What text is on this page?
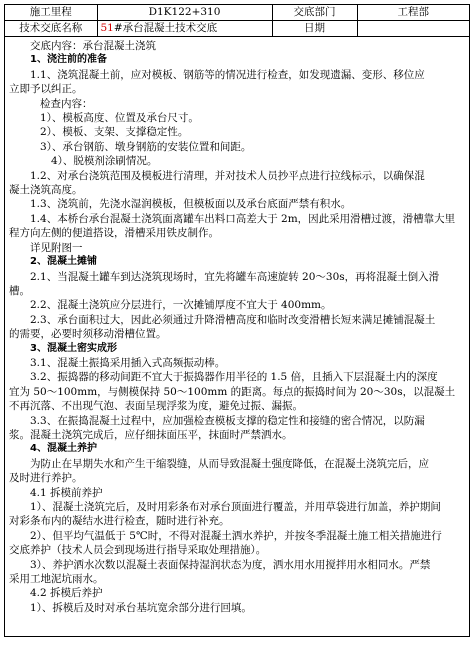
施工里程	D1K122+310	交底部门	工程部
技术交底名称	51#承台混凝土技术交底	日期	

交底内容：承台混凝土浇筑

1、浇注前的准备

1.1、浇筑混凝土前，应对模板、钢筋等的情况进行检查，如发现遗漏、变形、移位应

立即予以纠正。

检查内容：

1）、模板高度、位置及承台尺寸。

2）、模板、支架、支撑稳定性。

3）、承台钢筋、墩身钢筋的安装位置和间距。

4）、脱模剂涂刷情况。

1.2、对承台浇筑范围及模板进行清理，并对技术人员抄平点进行拉线标示，以确保混

凝土浇筑高度。

1.3、浇筑前，先浇水湿润模板，但模板面以及承台底面严禁有积水。

1.4、本桥台承台混凝土浇筑面离罐车出料口高差大于 2m，因此采用滑槽过渡，滑槽靠大里

程方向左侧的便道搭设，滑槽采用铁皮制作。

详见附图一

2、混凝土摊铺

2.1、当混凝土罐车到达浇筑现场时，宜先将罐车高速旋转 20～30s，再将混凝土倒入滑

槽。

2.2、混凝土浇筑应分层进行，一次摊铺厚度不宜大于 400mm。

2.3、承台面积过大，因此必须通过升降滑槽高度和临时改变滑槽长短来满足摊铺混凝土

的需要，必要时须移动滑槽位置。

3、混凝土密实成形

3.1、混凝土振捣采用插入式高频振动棒。

3.2、振捣器的移动间距不宜大于振捣器作用半径的 1.5 倍，且插入下层混凝土内的深度

宜为 50～100mm，与侧模保持 50～100mm 的距离。每点的振捣时间为 20～30s，以混凝土

不再沉落、不出现气泡、表面呈现浮浆为度，避免过振、漏振。

3.3、在振捣混凝土过程中，应加强检查模板支撑的稳定性和接缝的密合情况，以防漏

浆。混凝土浇筑完成后，应仔细抹面压平，抹面时严禁洒水。

4、混凝土养护

为防止在早期失水和产生干缩裂缝，从而导致混凝土强度降低，在混凝土浇筑完后，应

及时进行养护。

4.1 拆模前养护

1）、混凝土浇筑完后，及时用彩条布对承台顶面进行覆盖，并用草袋进行加盖，养护期间

对彩条布内的凝结水进行检查，随时进行补充。

2）、但平均气温低于 5℃时，不得对混凝土洒水养护，并按冬季混凝土施工相关措施进行

交底养护（技术人员会到现场进行指导采取处理措施）。

3）、养护洒水次数以混凝土表面保持湿润状态为度，洒水用水用搅拌用水相同水。严禁

采用工地泥坑雨水。

4.2 拆模后养护

1）、拆模后及时对承台基坑宽余部分进行回填。
